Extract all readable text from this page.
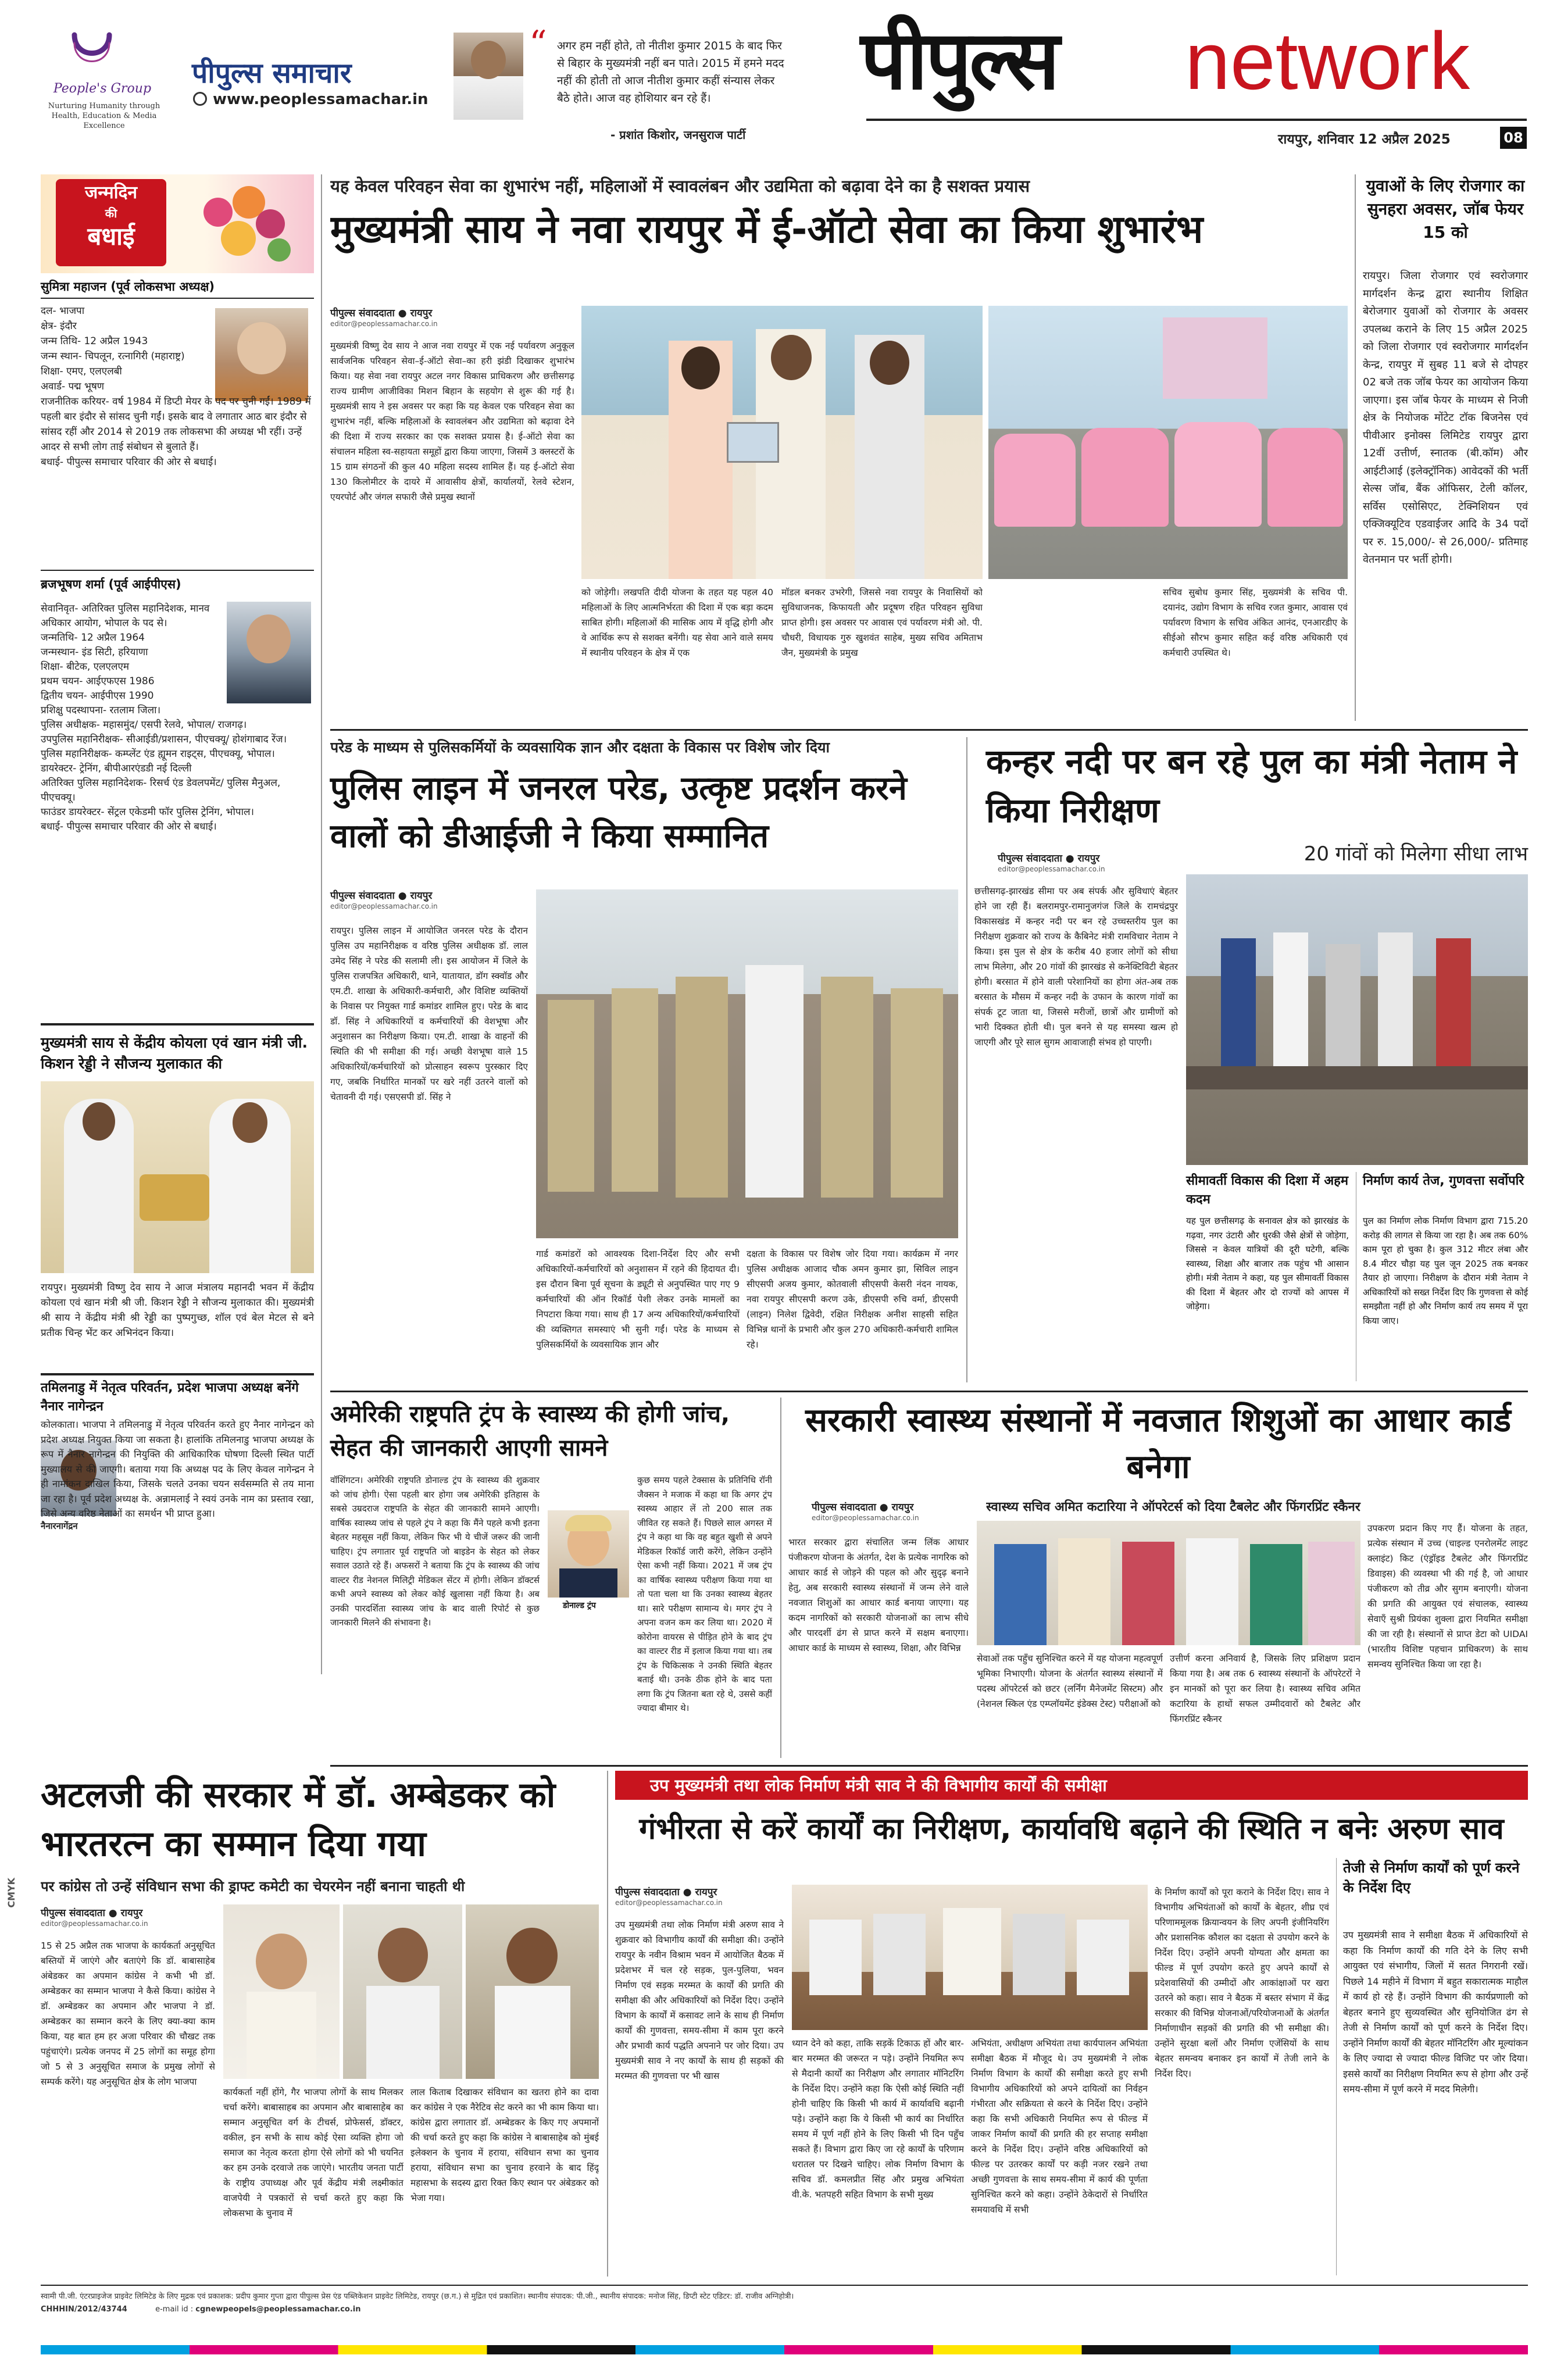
People's Group
Nurturing Humanity through Health, Education & Media Excellence
पीपुल्स समाचार
www.peoplessamachar.in
“ अगर हम नहीं होते, तो नीतीश कुमार 2015 के बाद फिर से बिहार के मुख्यमंत्री नहीं बन पाते। 2015 में हमने मदद नहीं की होती तो आज नीतीश कुमार कहीं संन्यास लेकर बैठे होते। आज वह होशियार बन रहे हैं।
- प्रशांत किशोर, जनसुराज पार्टी
पीपुल्स network
रायपुर, शनिवार 12 अप्रैल 2025	08
जन्मदिन
की
बधाई
सुमित्रा महाजन (पूर्व लोकसभा अध्यक्ष)
दल- भाजपा
क्षेत्र- इंदौर
जन्म तिथि- 12 अप्रैल 1943
जन्म स्थान- चिपलून, रत्नागिरी (महाराष्ट्र)
शिक्षा- एमए, एलएलबी
अवार्ड- पद्म भूषण
राजनीतिक करियर- वर्ष 1984 में डिप्टी मेयर के पद पर चुनी गईं। 1989 में पहली बार इंदौर से सांसद चुनी गईं। इसके बाद वे लगातार आठ बार इंदौर से सांसद रहीं और 2014 से 2019 तक लोकसभा की अध्यक्ष भी रहीं। उन्हें आदर से सभी लोग ताई संबोधन से बुलाते हैं।
बधाई- पीपुल्स समाचार परिवार की ओर से बधाई।
ब्रजभूषण शर्मा (पूर्व आईपीएस)
सेवानिवृत- अतिरिक्त पुलिस महानिदेशक, मानव अधिकार आयोग, भोपाल के पद से।
जन्मतिथि- 12 अप्रैल 1964
जन्मस्थान- इंड सिटी, हरियाणा
शिक्षा- बीटेक, एलएलएम
प्रथम चयन- आईएफएस 1986
द्वितीय चयन- आईपीएस 1990
प्रशिक्षु पदस्थापना- रतलाम जिला।
पुलिस अधीक्षक- महासमुंद/ एसपी रेलवे, भोपाल/ राजगढ़।
उपपुलिस महानिरीक्षक- सीआईडी/प्रशासन, पीएचक्यू/ होशंगाबाद रेंज।
पुलिस महानिरीक्षक- कम्प्लेंट एंड ह्यूमन राइट्स, पीएचक्यू, भोपाल।
डायरेक्टर- ट्रेनिंग, बीपीआरएंडडी नई दिल्ली
अतिरिक्त पुलिस महानिदेशक- रिसर्च एंड डेवलपमेंट/ पुलिस मैनुअल, पीएचक्यू।
फाउंडर डायरेक्टर- सेंट्रल एकेडमी फॉर पुलिस ट्रेनिंग, भोपाल।
बधाई- पीपुल्स समाचार परिवार की ओर से बधाई।
मुख्यमंत्री साय से केंद्रीय कोयला एवं खान मंत्री जी. किशन रेड्डी ने सौजन्य मुलाकात की
रायपुर। मुख्यमंत्री विष्णु देव साय ने आज मंत्रालय महानदी भवन में केंद्रीय कोयला एवं खान मंत्री श्री जी. किशन रेड्डी ने सौजन्य मुलाकात की। मुख्यमंत्री श्री साय ने केंद्रीय मंत्री श्री रेड्डी का पुष्पगुच्छ, शॉल एवं बेल मेटल से बने प्रतीक चिन्ह भेंट कर अभिनंदन किया।
तमिलनाडु में नेतृत्व परिवर्तन, प्रदेश भाजपा अध्यक्ष बनेंगे नैनार नागेन्द्रन
नैनारनागेंद्रन
कोलकाता। भाजपा ने तमिलनाडु में नेतृत्व परिवर्तन करते हुए नैनार नागेन्द्रन को प्रदेश अध्यक्ष नियुक्त किया जा सकता है। हालांकि तमिलनाडु भाजपा अध्यक्ष के रूप में नैनार नागेन्द्रन की नियुक्ति की आधिकारिक घोषणा दिल्ली स्थित पार्टी मुख्यालय से की जाएगी। बताया गया कि अध्यक्ष पद के लिए केवल नागेन्द्रन ने ही नामांकन दाखिल किया, जिसके चलते उनका चयन सर्वसम्मति से तय माना जा रहा है। पूर्व प्रदेश अध्यक्ष के. अन्नामलाई ने स्वयं उनके नाम का प्रस्ताव रखा, जिसे अन्य वरिष्ठ नेताओं का समर्थन भी प्राप्त हुआ।
यह केवल परिवहन सेवा का शुभारंभ नहीं, महिलाओं में स्वावलंबन और उद्यमिता को बढ़ावा देने का है सशक्त प्रयास
मुख्यमंत्री साय ने नवा रायपुर में ई-ऑटो सेवा का किया शुभारंभ
पीपुल्स संवाददाता ● रायपुर
editor@peoplessamachar.co.in
मुख्यमंत्री विष्णु देव साय ने आज नवा रायपुर में एक नई पर्यावरण अनुकूल सार्वजनिक परिवहन सेवा–ई-ऑटो सेवा–का हरी झंडी दिखाकर शुभारंभ किया। यह सेवा नवा रायपुर अटल नगर विकास प्राधिकरण और छत्तीसगढ़ राज्य ग्रामीण आजीविका मिशन बिहान के सहयोग से शुरू की गई है। मुख्यमंत्री साय ने इस अवसर पर कहा कि यह केवल एक परिवहन सेवा का शुभारंभ नहीं, बल्कि महिलाओं के स्वावलंबन और उद्यमिता को बढ़ावा देने की दिशा में राज्य सरकार का एक सशक्त प्रयास है। ई-ऑटो सेवा का संचालन महिला स्व-सहायता समूहों द्वारा किया जाएगा, जिसमें 3 क्लस्टरों के 15 ग्राम संगठनों की कुल 40 महिला सदस्य शामिल हैं। यह ई-ऑटो सेवा 130 किलोमीटर के दायरे में आवासीय क्षेत्रों, कार्यालयों, रेलवे स्टेशन, एयरपोर्ट और जंगल सफारी जैसे प्रमुख स्थानों
को जोड़ेगी। लखपति दीदी योजना के तहत यह पहल 40 महिलाओं के लिए आत्मनिर्भरता की दिशा में एक बड़ा कदम साबित होगी। महिलाओं की मासिक आय में वृद्धि होगी और वे आर्थिक रूप से सशक्त बनेंगी। यह सेवा आने वाले समय में स्थानीय परिवहन के क्षेत्र में एक
मॉडल बनकर उभरेगी, जिससे नवा रायपुर के निवासियों को सुविधाजनक, किफायती और प्रदूषण रहित परिवहन सुविधा प्राप्त होगी। इस अवसर पर आवास एवं पर्यावरण मंत्री ओ. पी. चौधरी, विधायक गुरु खुशवंत साहेब, मुख्य सचिव अमिताभ जैन, मुख्यमंत्री के प्रमुख
सचिव सुबोध कुमार सिंह, मुख्यमंत्री के सचिव पी. दयानंद, उद्योग विभाग के सचिव रजत कुमार, आवास एवं पर्यावरण विभाग के सचिव अंकित आनंद, एनआरडीए के सीईओ सौरभ कुमार सहित कई वरिष्ठ अधिकारी एवं कर्मचारी उपस्थित थे।
युवाओं के लिए रोजगार का सुनहरा अवसर, जॉब फेयर 15 को
रायपुर। जिला रोजगार एवं स्वरोजगार मार्गदर्शन केन्द्र द्वारा स्थानीय शिक्षित बेरोजगार युवाओं को रोजगार के अवसर उपलब्ध कराने के लिए 15 अप्रैल 2025 को जिला रोजगार एवं स्वरोजगार मार्गदर्शन केन्द्र, रायपुर में सुबह 11 बजे से दोपहर 02 बजे तक जॉब फेयर का आयोजन किया जाएगा। इस जॉब फेयर के माध्यम से निजी क्षेत्र के नियोजक मोंटेट टॉक बिजनेस एवं पीवीआर इनोक्स लिमिटेड रायपुर द्वारा 12वीं उत्तीर्ण, स्नातक (बी.कॉम) और आईटीआई (इलेक्ट्रॉनिक) आवेदकों की भर्ती सेल्स जॉब, बैंक ऑफिसर, टेली कॉलर, सर्विस एसोसिएट, टेक्निशियन एवं एक्जिक्यूटिव एडवाईजर आदि के 34 पदों पर रु. 15,000/- से 26,000/- प्रतिमाह वेतनमान पर भर्ती होगी।
परेड के माध्यम से पुलिसकर्मियों के व्यवसायिक ज्ञान और दक्षता के विकास पर विशेष जोर दिया
पुलिस लाइन में जनरल परेड, उत्कृष्ट प्रदर्शन करने वालों को डीआईजी ने किया सम्मानित
पीपुल्स संवाददाता ● रायपुर
editor@peoplessamachar.co.in
रायपुर। पुलिस लाइन में आयोजित जनरल परेड के दौरान पुलिस उप महानिरीक्षक व वरिष्ठ पुलिस अधीक्षक डॉ. लाल उमेद सिंह ने परेड की सलामी ली। इस आयोजन में जिले के पुलिस राजपत्रित अधिकारी, थाने, यातायात, डॉग स्क्वॉड और एम.टी. शाखा के अधिकारी-कर्मचारी, और विशिष्ट व्यक्तियों के निवास पर नियुक्त गार्ड कमांडर शामिल हुए। परेड के बाद डॉ. सिंह ने अधिकारियों व कर्मचारियों की वेशभूषा और अनुशासन का निरीक्षण किया। एम.टी. शाखा के वाहनों की स्थिति की भी समीक्षा की गई। अच्छी वेशभूषा वाले 15 अधिकारियों/कर्मचारियों को प्रोत्साहन स्वरूप पुरस्कार दिए गए, जबकि निर्धारित मानकों पर खरे नहीं उतरने वालों को चेतावनी दी गई। एसएसपी डॉ. सिंह ने
गार्ड कमांडरों को आवश्यक दिशा-निर्देश दिए और सभी अधिकारियों-कर्मचारियों को अनुशासन में रहने की हिदायत दी। इस दौरान बिना पूर्व सूचना के ड्यूटी से अनुपस्थित पाए गए 9 कर्मचारियों की ऑन रिकॉर्ड पेशी लेकर उनके मामलों का निपटारा किया गया। साथ ही 17 अन्य अधिकारियों/कर्मचारियों की व्यक्तिगत समस्याएं भी सुनी गईं। परेड के माध्यम से पुलिसकर्मियों के व्यवसायिक ज्ञान और
दक्षता के विकास पर विशेष जोर दिया गया। कार्यक्रम में नगर पुलिस अधीक्षक आजाद चौक अमन कुमार झा, सिविल लाइन सीएसपी अजय कुमार, कोतवाली सीएसपी केसरी नंदन नायक, नवा रायपुर सीएसपी करण उके, डीएसपी रुचि वर्मा, डीएसपी (लाइन) निलेश द्विवेदी, रक्षित निरीक्षक अनीश साहसी सहित विभिन्न थानों के प्रभारी और कुल 270 अधिकारी-कर्मचारी शामिल रहे।
कन्हर नदी पर बन रहे पुल का मंत्री नेताम ने किया निरीक्षण
20 गांवों को मिलेगा सीधा लाभ
पीपुल्स संवाददाता ● रायपुर
editor@peoplessamachar.co.in
छत्तीसगढ़-झारखंड सीमा पर अब संपर्क और सुविधाएं बेहतर होने जा रही हैं। बलरामपुर-रामानुजगंज जिले के रामचंद्रपुर विकासखंड में कन्हर नदी पर बन रहे उच्चस्तरीय पुल का निरीक्षण शुक्रवार को राज्य के कैबिनेट मंत्री रामविचार नेताम ने किया। इस पुल से क्षेत्र के करीब 40 हजार लोगों को सीधा लाभ मिलेगा, और 20 गांवों की झारखंड से कनेक्टिविटी बेहतर होगी। बरसात में होने वाली परेशानियों का होगा अंत-अब तक बरसात के मौसम में कन्हर नदी के उफान के कारण गांवों का संपर्क टूट जाता था, जिससे मरीजों, छात्रों और ग्रामीणों को भारी दिक्कत होती थी। पुल बनने से यह समस्या खत्म हो जाएगी और पूरे साल सुगम आवाजाही संभव हो पाएगी।
सीमावर्ती विकास की दिशा में अहम कदम
यह पुल छत्तीसगढ़ के सनावल क्षेत्र को झारखंड के गढ़वा, नगर उंटारी और धुरकी जैसे क्षेत्रों से जोड़ेगा, जिससे न केवल यात्रियों की दूरी घटेगी, बल्कि स्वास्थ्य, शिक्षा और बाजार तक पहुंच भी आसान होगी। मंत्री नेताम ने कहा, यह पुल सीमावर्ती विकास की दिशा में बेहतर और दो राज्यों को आपस में जोड़ेगा।
निर्माण कार्य तेज, गुणवत्ता सर्वोपरि
पुल का निर्माण लोक निर्माण विभाग द्वारा 715.20 करोड़ की लागत से किया जा रहा है। अब तक 60% काम पूरा हो चुका है। कुल 312 मीटर लंबा और 8.4 मीटर चौड़ा यह पुल जून 2025 तक बनकर तैयार हो जाएगा। निरीक्षण के दौरान मंत्री नेताम ने अधिकारियों को सख्त निर्देश दिए कि गुणवत्ता से कोई समझौता नहीं हो और निर्माण कार्य तय समय में पूरा किया जाए।
अमेरिकी राष्ट्रपति ट्रंप के स्वास्थ्य की होगी जांच, सेहत की जानकारी आएगी सामने
वॉशिंगटन। अमेरिकी राष्ट्रपति डोनाल्ड ट्रंप के स्वास्थ्य की शुक्रवार को जांच होगी। ऐसा पहली बार होगा जब अमेरिकी इतिहास के सबसे उम्रदराज राष्ट्रपति के सेहत की जानकारी सामने आएगी। वार्षिक स्वास्थ्य जांच से पहले ट्रंप ने कहा कि मैंने पहले कभी इतना बेहतर महसूस नहीं किया, लेकिन फिर भी ये चीजें जरूर की जानी चाहिए। ट्रंप लगातार पूर्व राष्ट्रपति जो बाइडेन के सेहत को लेकर सवाल उठाते रहे हैं। अफसरों ने बताया कि ट्रंप के स्वास्थ्य की जांच वाल्टर रीड नेशनल मिलिट्री मेडिकल सेंटर में होगी। लेकिन डॉक्टर्स कभी अपने स्वास्थ्य को लेकर कोई खुलासा नहीं किया है। अब उनकी पारदर्शिता स्वास्थ्य जांच के बाद वाली रिपोर्ट से कुछ जानकारी मिलने की संभावना है।
डोनाल्ड ट्रंप
कुछ समय पहले टेक्सास के प्रतिनिधि रॉनी जैक्सन ने मजाक में कहा था कि अगर ट्रंप स्वस्थ्य आहार लें तो 200 साल तक जीवित रह सकते हैं। पिछले साल अगस्त में ट्रंप ने कहा था कि वह बहुत खुशी से अपने मेडिकल रिकॉर्ड जारी करेंगे, लेकिन उन्होंने ऐसा कभी नहीं किया। 2021 में जब ट्रंप का वार्षिक स्वास्थ्य परीक्षण किया गया था तो पता चला था कि उनका स्वास्थ्य बेहतर था। सारे परीक्षण सामान्य थे। मगर ट्रंप ने अपना वजन कम कर लिया था। 2020 में कोरोना वायरस से पीड़ित होने के बाद ट्रंप का वाल्टर रीड में इलाज किया गया था। तब ट्रंप के चिकित्सक ने उनकी स्थिति बेहतर बताई थी। उनके ठीक होने के बाद पता लगा कि ट्रंप जितना बता रहे थे, उससे कहीं ज्यादा बीमार थे।
सरकारी स्वास्थ्य संस्थानों में नवजात शिशुओं का आधार कार्ड बनेगा
पीपुल्स संवाददाता ● रायपुर
editor@peoplessamachar.co.in
स्वास्थ्य सचिव अमित कटारिया ने ऑपरेटर्स को दिया टैबलेट और फिंगरप्रिंट स्कैनर
भारत सरकार द्वारा संचालित जन्म लिंक आधार पंजीकरण योजना के अंतर्गत, देश के प्रत्येक नागरिक को आधार कार्ड से जोड़ने की पहल को और सुदृढ़ बनाने हेतु, अब सरकारी स्वास्थ्य संस्थानों में जन्म लेने वाले नवजात शिशुओं का आधार कार्ड बनाया जाएगा। यह कदम नागरिकों को सरकारी योजनाओं का लाभ सीधे और पारदर्शी ढंग से प्राप्त करने में सक्षम बनाएगा। आधार कार्ड के माध्यम से स्वास्थ्य, शिक्षा, और विभिन्न
सेवाओं तक पहुँच सुनिश्चित करने में यह योजना महत्वपूर्ण भूमिका निभाएगी। योजना के अंतर्गत स्वास्थ्य संस्थानों में पदस्थ ऑपरेटर्स को छटर (लर्निंग मैनेजमेंट सिस्टम) और (नेशनल स्किल एंड एम्प्लॉयमेंट इंडेक्स टेस्ट) परीक्षाओं को
उत्तीर्ण करना अनिवार्य है, जिसके लिए प्रशिक्षण प्रदान किया गया है। अब तक 6 स्वास्थ्य संस्थानों के ऑपरेटरों ने इन मानकों को पूरा कर लिया है। स्वास्थ्य सचिव अमित कटारिया के हाथों सफल उम्मीदवारों को टैबलेट और फिंगरप्रिंट स्कैनर
उपकरण प्रदान किए गए हैं। योजना के तहत, प्रत्येक संस्थान में उच्च (चाइल्ड एनरोलमेंट लाइट क्लाइंट) किट (एंड्रॉइड टैबलेट और फिंगरप्रिंट डिवाइस) की व्यवस्था भी की गई है, जो आधार पंजीकरण को तीव्र और सुगम बनाएगी। योजना की प्रगति की आयुक्त एवं संचालक, स्वास्थ्य सेवाएँ सुश्री प्रियंका शुक्ला द्वारा नियमित समीक्षा की जा रही है। संस्थानों से प्राप्त डेटा को UIDAI (भारतीय विशिष्ट पहचान प्राधिकरण) के साथ समन्वय सुनिश्चित किया जा रहा है।
CMYK
अटलजी की सरकार में डॉ. अम्बेडकर को भारतरत्न का सम्मान दिया गया
पर कांग्रेस तो उन्हें संविधान सभा की ड्राफ्ट कमेटी का चेयरमेन नहीं बनाना चाहती थी
पीपुल्स संवाददाता ● रायपुर
editor@peoplessamachar.co.in
15 से 25 अप्रैल तक भाजपा के कार्यकर्ता अनुसूचित बस्तियों में जाएंगे और बताएंगे कि डॉ. बाबासाहेब अंबेडकर का अपमान कांग्रेस ने कभी भी डॉ. अम्बेडकर का सम्मान भाजपा ने कैसे किया। कांग्रेस ने डॉ. अम्बेडकर का अपमान और भाजपा ने डॉ. अम्बेडकर का सम्मान करने के लिए क्या-क्या काम किया, यह बात हम हर अजा परिवार की चौखट तक पहुंचाएंगे। प्रत्येक जनपद में 25 लोगों का समूह होगा जो 5 से 3 अनुसूचित समाज के प्रमुख लोगों से सम्पर्क करेंगे। यह अनुसूचित क्षेत्र के लोग भाजपा
कार्यकर्ता नहीं होंगे, गैर भाजपा लोगों के साथ मिलकर चर्चा करेंगे। बाबासाहब का अपमान और बाबासाहेब का सम्मान अनुसूचित वर्ग के टीचर्स, प्रोफेसर्स, डॉक्टर, वकील, इन सभी के साथ कोई ऐसा व्यक्ति होगा जो समाज का नेतृत्व करता होगा ऐसे लोगों को भी चयनित कर हम उनके दरवाजे तक जाएंगे। भारतीय जनता पार्टी के राष्ट्रीय उपाध्यक्ष और पूर्व केंद्रीय मंत्री लक्ष्मीकांत वाजपेयी ने पत्रकारों से चर्चा करते हुए कहा कि लोकसभा के चुनाव में
लाल किताब दिखाकर संविधान का खतरा होने का दावा कर कांग्रेस ने एक नैरेटिव सेट करने का भी काम किया था। कांग्रेस द्वारा लगातार डॉ. अम्बेडकर के किए गए अपमानों की चर्चा करते हुए कहा कि कांग्रेस ने बाबासाहेब को मुंबई इलेक्शन के चुनाव में हराया, संविधान सभा का चुनाव हराया, संविधान सभा का चुनाव हरवाने के बाद हिंदू महासभा के सदस्य द्वारा रिक्त किए स्थान पर अंबेडकर को भेजा गया।
उप मुख्यमंत्री तथा लोक निर्माण मंत्री साव ने की विभागीय कार्यों की समीक्षा
गंभीरता से करें कार्यों का निरीक्षण, कार्यावधि बढ़ाने की स्थिति न बनेः अरुण साव
पीपुल्स संवाददाता ● रायपुर
editor@peoplessamachar.co.in
उप मुख्यमंत्री तथा लोक निर्माण मंत्री अरुण साव ने शुक्रवार को विभागीय कार्यों की समीक्षा की। उन्होंने रायपुर के नवीन विश्राम भवन में आयोजित बैठक में प्रदेशभर में चल रहे सड़क, पुल-पुलिया, भवन निर्माण एवं सड़क मरम्मत के कार्यों की प्रगति की समीक्षा की और अधिकारियों को निर्देश दिए। उन्होंने विभाग के कार्यों में कसावट लाने के साथ ही निर्माण कार्यों की गुणवत्ता, समय-सीमा में काम पूरा करने और प्रभावी कार्य पद्धति अपनाने पर जोर दिया। उप मुख्यमंत्री साव ने नए कार्यों के साथ ही सड़कों की मरम्मत की गुणवत्ता पर भी खास
ध्यान देने को कहा, ताकि सड़कें टिकाऊ हों और बार-बार मरम्मत की जरूरत न पड़े। उन्होंने नियमित रूप से मैदानी कार्यों का निरीक्षण और लगातार मॉनिटरिंग के निर्देश दिए। उन्होंने कहा कि ऐसी कोई स्थिति नहीं होनी चाहिए कि किसी भी कार्य में कार्यावधि बढ़ानी पड़े। उन्होंने कहा कि ये किसी भी कार्य का निर्धारित समय में पूर्ण नहीं होने के लिए किसी भी दिन पहुँच सकते हैं। विभाग द्वारा किए जा रहे कार्यों के परिणाम धरातल पर दिखने चाहिए। लोक निर्माण विभाग के सचिव डॉ. कमलप्रीत सिंह और प्रमुख अभियंता वी.के. भतपहरी सहित विभाग के सभी मुख्य
अभियंता, अधीक्षण अभियंता तथा कार्यपालन अभियंता समीक्षा बैठक में मौजूद थे। उप मुख्यमंत्री ने लोक निर्माण विभाग के कार्यों की समीक्षा करते हुए सभी विभागीय अधिकारियों को अपने दायित्वों का निर्वहन गंभीरता और सक्रियता से करने के निर्देश दिए। उन्होंने कहा कि सभी अधिकारी नियमित रूप से फील्ड में जाकर निर्माण कार्यों की प्रगति की हर सप्ताह समीक्षा करने के निर्देश दिए। उन्होंने वरिष्ठ अधिकारियों को फील्ड पर उतरकर कार्यों पर कड़ी नजर रखने तथा अच्छी गुणवत्ता के साथ समय-सीमा में कार्य की पूर्णता सुनिश्चित करने को कहा। उन्होंने ठेकेदारों से निर्धारित समयावधि में सभी
के निर्माण कार्यों को पूरा कराने के निर्देश दिए। साव ने विभागीय अभियंताओं को कार्यों के बेहतर, शीघ्र एवं परिणाममूलक क्रियान्वयन के लिए अपनी इंजीनियरिंग और प्रशासनिक कौशल का दक्षता से उपयोग करने के निर्देश दिए। उन्होंने अपनी योग्यता और क्षमता का फील्ड में पूर्ण उपयोग करते हुए अपने कार्यों से प्रदेशवासियों की उम्मीदों और आकांक्षाओं पर खरा उतरने को कहा। साव ने बैठक में बस्तर संभाग में केंद्र सरकार की विभिन्न योजनाओं/परियोजनाओं के अंतर्गत निर्माणाधीन सड़कों की प्रगति की भी समीक्षा की। उन्होंने सुरक्षा बलों और निर्माण एजेंसियों के साथ बेहतर समन्वय बनाकर इन कार्यों में तेजी लाने के निर्देश दिए।
तेजी से निर्माण कार्यों को पूर्ण करने के निर्देश दिए
उप मुख्यमंत्री साव ने समीक्षा बैठक में अधिकारियों से कहा कि निर्माण कार्यों की गति देने के लिए सभी आयुक्त एवं संभागीय, जिलों में सतत निगरानी रखें। पिछले 14 महीने में विभाग में बहुत सकारात्मक माहौल में कार्य हो रहे हैं। उन्होंने विभाग की कार्यप्रणाली को बेहतर बनाने हुए सुव्यवस्थित और सुनियोजित ढंग से तेजी से निर्माण कार्यों को पूर्ण करने के निर्देश दिए। उन्होंने निर्माण कार्यों की बेहतर मॉनिटरिंग और मूल्यांकन के लिए ज्यादा से ज्यादा फील्ड विजिट पर जोर दिया। इससे कार्यों का निरीक्षण नियमित रूप से होगा और उन्हें समय-सीमा में पूर्ण करने में मदद मिलेगी।
स्वामी पी.जी. एंटरप्राइजेज प्राइवेट लिमिटेड के लिए मुद्रक एवं प्रकाशक: प्रदीप कुमार गुप्ता द्वारा पीपुल्स प्रेस एंड पब्लिकेशन प्राइवेट लिमिटेड, रायपुर (छ.ग.) से मुद्रित एवं प्रकाशित। स्थानीय संपादक: पी.जी., स्थानीय संपादक: मनोज सिंह, डिप्टी स्टेट एडिटर: डॉ. राजीव अग्निहोत्री।
CHHHIN/2012/43744	e-mail id : cgnewpeopels@peoplessamachar.co.in
